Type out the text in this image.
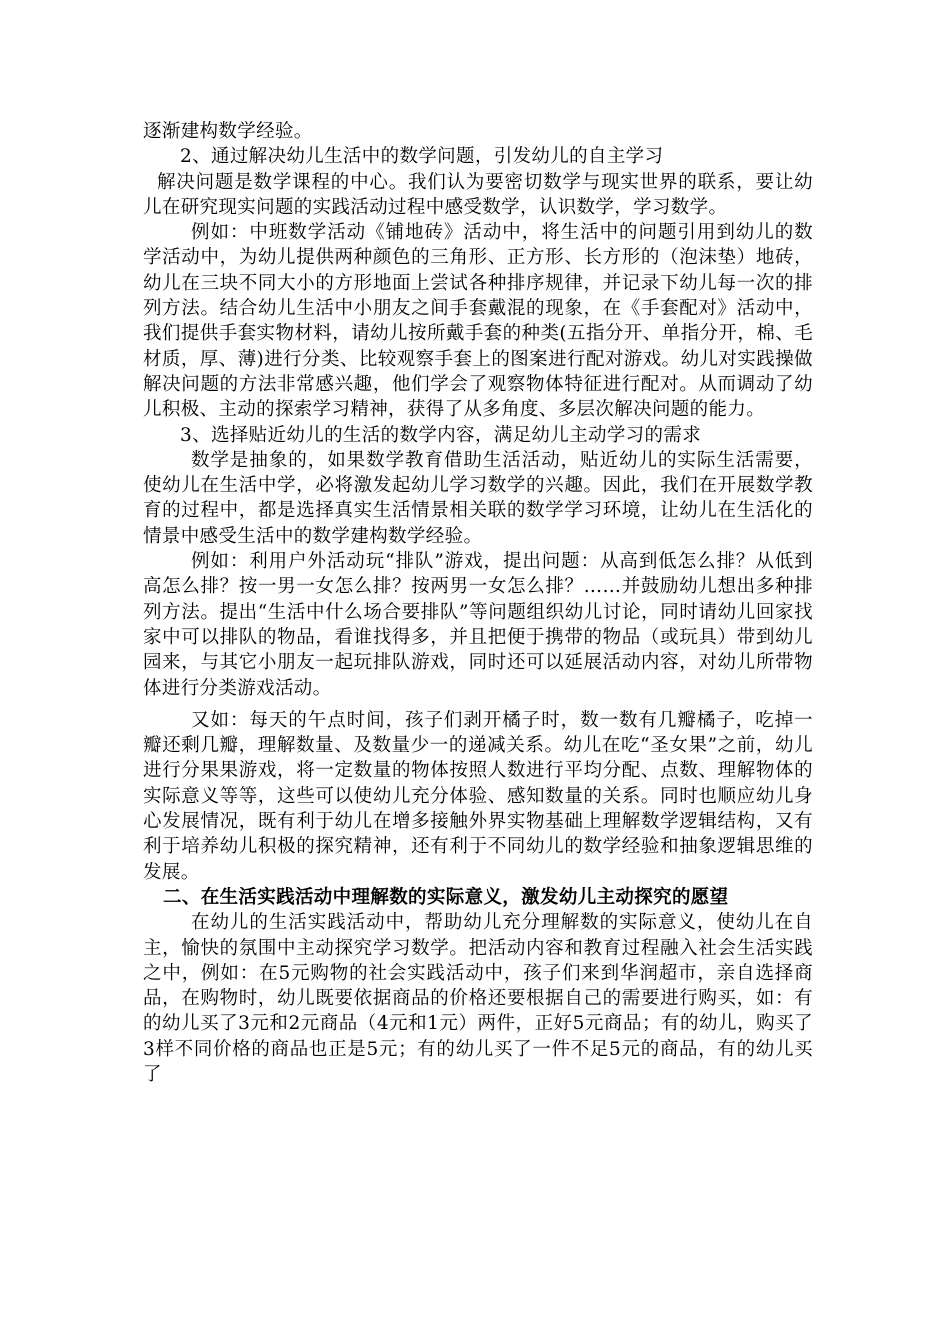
逐渐建构数学经验。

2、通过解决幼儿生活中的数学问题，引发幼儿的自主学习

解决问题是数学课程的中心。我们认为要密切数学与现实世界的联系，要让幼儿在研究现实问题的实践活动过程中感受数学，认识数学，学习数学。

例如：中班数学活动《铺地砖》活动中，将生活中的问题引用到幼儿的数学活动中，为幼儿提供两种颜色的三角形、正方形、长方形的（泡沫垫）地砖，幼儿在三块不同大小的方形地面上尝试各种排序规律，并记录下幼儿每一次的排列方法。结合幼儿生活中小朋友之间手套戴混的现象，在《手套配对》活动中，我们提供手套实物材料，请幼儿按所戴手套的种类(五指分开、单指分开，棉、毛材质，厚、薄)进行分类、比较观察手套上的图案进行配对游戏。幼儿对实践操做解决问题的方法非常感兴趣，他们学会了观察物体特征进行配对。从而调动了幼儿积极、主动的探索学习精神，获得了从多角度、多层次解决问题的能力。

3、选择贴近幼儿的生活的数学内容，满足幼儿主动学习的需求

数学是抽象的，如果数学教育借助生活活动，贴近幼儿的实际生活需要，使幼儿在生活中学，必将激发起幼儿学习数学的兴趣。因此，我们在开展数学教育的过程中，都是选择真实生活情景相关联的数学学习环境，让幼儿在生活化的情景中感受生活中的数学建构数学经验。

例如：利用户外活动玩“排队”游戏，提出问题：从高到低怎么排？从低到高怎么排？按一男一女怎么排？按两男一女怎么排？……并鼓励幼儿想出多种排列方法。提出“生活中什么场合要排队”等问题组织幼儿讨论，同时请幼儿回家找家中可以排队的物品，看谁找得多，并且把便于携带的物品（或玩具）带到幼儿园来，与其它小朋友一起玩排队游戏，同时还可以延展活动内容，对幼儿所带物体进行分类游戏活动。

又如：每天的午点时间，孩子们剥开橘子时，数一数有几瓣橘子，吃掉一瓣还剩几瓣，理解数量、及数量少一的递减关系。幼儿在吃“圣女果”之前，幼儿进行分果果游戏，将一定数量的物体按照人数进行平均分配、点数、理解物体的实际意义等等，这些可以使幼儿充分体验、感知数量的关系。同时也顺应幼儿身心发展情况，既有利于幼儿在增多接触外界实物基础上理解数学逻辑结构，又有利于培养幼儿积极的探究精神，还有利于不同幼儿的数学经验和抽象逻辑思维的发展。

二、在生活实践活动中理解数的实际意义，激发幼儿主动探究的愿望

在幼儿的生活实践活动中，帮助幼儿充分理解数的实际意义，使幼儿在自主，愉快的氛围中主动探究学习数学。把活动内容和教育过程融入社会生活实践之中，例如：在5元购物的社会实践活动中，孩子们来到华润超市，亲自选择商品，在购物时，幼儿既要依据商品的价格还要根据自己的需要进行购买，如：有的幼儿买了3元和2元商品（4元和1元）两件，正好5元商品；有的幼儿，购买了3样不同价格的商品也正是5元；有的幼儿买了一件不足5元的商品，有的幼儿买了
